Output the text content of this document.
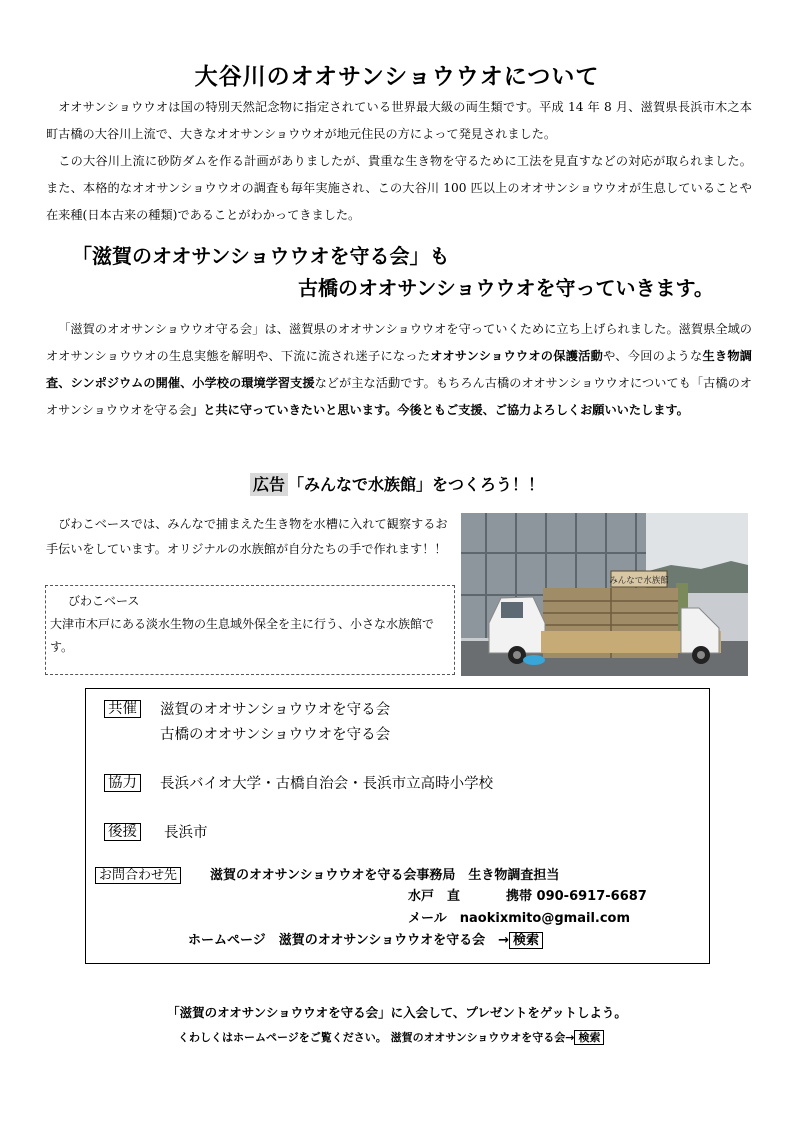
大谷川のオオサンショウウオについて

オオサンショウウオは国の特別天然記念物に指定されている世界最大級の両生類です。平成 14 年 8 月、滋賀県長浜市木之本町古橋の大谷川上流で、大きなオオサンショウウオが地元住民の方によって発見されました。

この大谷川上流に砂防ダムを作る計画がありましたが、貴重な生き物を守るために工法を見直すなどの対応が取られました。また、本格的なオオサンショウウオの調査も毎年実施され、この大谷川 100 匹以上のオオサンショウウオが生息していることや在来種(日本古来の種類)であることがわかってきました。

「滋賀のオオサンショウウオを守る会」も
古橋のオオサンショウウオを守っていきます。

「滋賀のオオサンショウウオ守る会」は、滋賀県のオオサンショウウオを守っていくために立ち上げられました。滋賀県全域のオオサンショウウオの生息実態を解明や、下流に流され迷子になったオオサンショウウオの保護活動や、今回のような生き物調査、シンポジウムの開催、小学校の環境学習支援などが主な活動です。もちろん古橋のオオサンショウウオについても「古橋のオオサンショウウオを守る会」と共に守っていきたいと思います。今後ともご支援、ご協力よろしくお願いいたします。

広告 「みんなで水族館」をつくろう！！
びわこベースでは、みんなで捕まえた生き物を水槽に入れて観察するお手伝いをしています。オリジナルの水族館が自分たちの手で作れます！！
びわこベース
大津市木戸にある淡水生物の生息域外保全を主に行う、小さな水族館です。
みんなで水族館
共催 滋賀のオオサンショウウオを守る会
古橋のオオサンショウウオを守る会
協力 長浜バイオ大学・古橋自治会・長浜市立高時小学校
後援 長浜市
お問合わせ先	滋賀のオオサンショウウオを守る会事務局　生き物調査担当
水戸　直	携帯 090-6917-6687
メール　 naokixmito@gmail.com
ホームページ　滋賀のオオサンショウウオを守る会　→ 検索
「滋賀のオオサンショウウオを守る会」に入会して、プレゼントをゲットしよう。
くわしくはホームページをご覧ください。 滋賀のオオサンショウウオを守る会→ 検索
